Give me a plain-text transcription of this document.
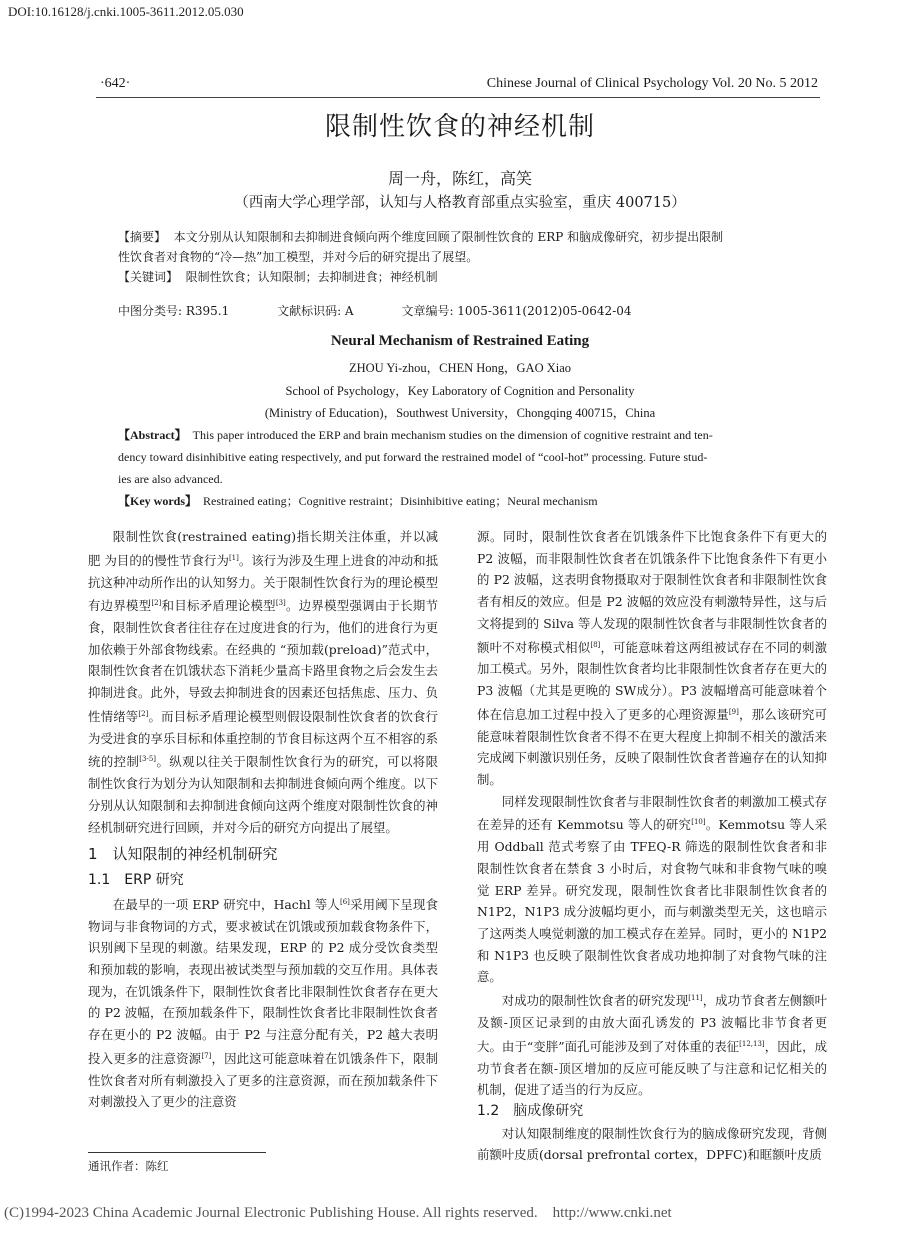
DOI:10.16128/j.cnki.1005-3611.2012.05.030
·642·	Chinese Journal of Clinical Psychology Vol. 20 No. 5 2012
限制性饮食的神经机制
周一舟，陈红，高笑
（西南大学心理学部，认知与人格教育部重点实验室，重庆 400715）
【摘要】 本文分别从认知限制和去抑制进食倾向两个维度回顾了限制性饮食的 ERP 和脑成像研究，初步提出限制
性饮食者对食物的“冷—热”加工模型，并对今后的研究提出了展望。
【关键词】 限制性饮食；认知限制；去抑制进食；神经机制
中图分类号: R395.1	文献标识码: A	文章编号: 1005-3611(2012)05-0642-04
Neural Mechanism of Restrained Eating
ZHOU Yi-zhou，CHEN Hong，GAO Xiao
School of Psychology，Key Laboratory of Cognition and Personality
(Ministry of Education)，Southwest University，Chongqing 400715，China
【Abstract】 This paper introduced the ERP and brain mechanism studies on the dimension of cognitive restraint and ten-
dency toward disinhibitive eating respectively, and put forward the restrained model of “cool-hot” processing. Future stud-
ies are also advanced.
【Key words】 Restrained eating；Cognitive restraint；Disinhibitive eating；Neural mechanism

限制性饮食(restrained eating)指长期关注体重，并以减肥 为目的的慢性节食行为[1]。该行为涉及生理上进食的冲动和抵抗这种冲动所作出的认知努力。关于限制性饮食行为的理论模型有边界模型[2]和目标矛盾理论模型[3]。边界模型强调由于长期节食，限制性饮食者往往存在过度进食的行为，他们的进食行为更加依赖于外部食物线索。在经典的 “预加载(preload)”范式中，限制性饮食者在饥饿状态下消耗少量高卡路里食物之后会发生去抑制进食。此外，导致去抑制进食的因素还包括焦虑、压力、负性情绪等[2]。而目标矛盾理论模型则假设限制性饮食者的饮食行为受进食的享乐目标和体重控制的节食目标这两个互不相容的系统的控制[3-5]。纵观以往关于限制性饮食行为的研究，可以将限制性饮食行为划分为认知限制和去抑制进食倾向两个维度。以下分别从认知限制和去抑制进食倾向这两个维度对限制性饮食的神经机制研究进行回顾，并对今后的研究方向提出了展望。

1　认知限制的神经机制研究

1.1　ERP 研究

在最早的一项 ERP 研究中，Hachl 等人[6]采用阈下呈现食物词与非食物词的方式，要求被试在饥饿或预加载食物条件下，识别阈下呈现的刺激。结果发现，ERP 的 P2 成分受饮食类型和预加载的影响，表现出被试类型与预加载的交互作用。具体表现为，在饥饿条件下，限制性饮食者比非限制性饮食者存在更大的 P2 波幅，在预加载条件下，限制性饮食者比非限制性饮食者存在更小的 P2 波幅。由于 P2 与注意分配有关，P2 越大表明投入更多的注意资源[7]，因此这可能意味着在饥饿条件下，限制性饮食者对所有刺激投入了更多的注意资源，而在预加载条件下对刺激投入了更少的注意资

源。同时，限制性饮食者在饥饿条件下比饱食条件下有更大的 P2 波幅，而非限制性饮食者在饥饿条件下比饱食条件下有更小的 P2 波幅，这表明食物摄取对于限制性饮食者和非限制性饮食者有相反的效应。但是 P2 波幅的效应没有刺激特异性，这与后文将提到的 Silva 等人发现的限制性饮食者与非限制性饮食者的额叶不对称模式相似[8]，可能意味着这两组被试存在不同的刺激加工模式。另外，限制性饮食者均比非限制性饮食者存在更大的 P3 波幅（尤其是更晚的 SW成分）。P3 波幅增高可能意味着个体在信息加工过程中投入了更多的心理资源量[9]，那么该研究可能意味着限制性饮食者不得不在更大程度上抑制不相关的激活来完成阈下刺激识别任务，反映了限制性饮食者普遍存在的认知抑制。

同样发现限制性饮食者与非限制性饮食者的刺激加工模式存在差异的还有 Kemmotsu 等人的研究[10]。Kemmotsu 等人采用 Oddball 范式考察了由 TFEQ-R 筛选的限制性饮食者和非限制性饮食者在禁食 3 小时后，对食物气味和非食物气味的嗅觉 ERP 差异。研究发现，限制性饮食者比非限制性饮食者的 N1P2，N1P3 成分波幅均更小，而与刺激类型无关，这也暗示了这两类人嗅觉刺激的加工模式存在差异。同时，更小的 N1P2 和 N1P3 也反映了限制性饮食者成功地抑制了对食物气味的注意。

对成功的限制性饮食者的研究发现[11]，成功节食者左侧额叶及额-顶区记录到的由放大面孔诱发的 P3 波幅比非节食者更大。由于“变胖”面孔可能涉及到了对体重的表征[12,13]，因此，成功节食者在额-顶区增加的反应可能反映了与注意和记忆相关的机制，促进了适当的行为反应。

1.2　脑成像研究

对认知限制维度的限制性饮食行为的脑成像研究发现，背侧前额叶皮质(dorsal prefrontal cortex，DPFC)和眶额叶皮质

通讯作者：陈红
(C)1994-2023 China Academic Journal Electronic Publishing House. All rights reserved.　http://www.cnki.net
